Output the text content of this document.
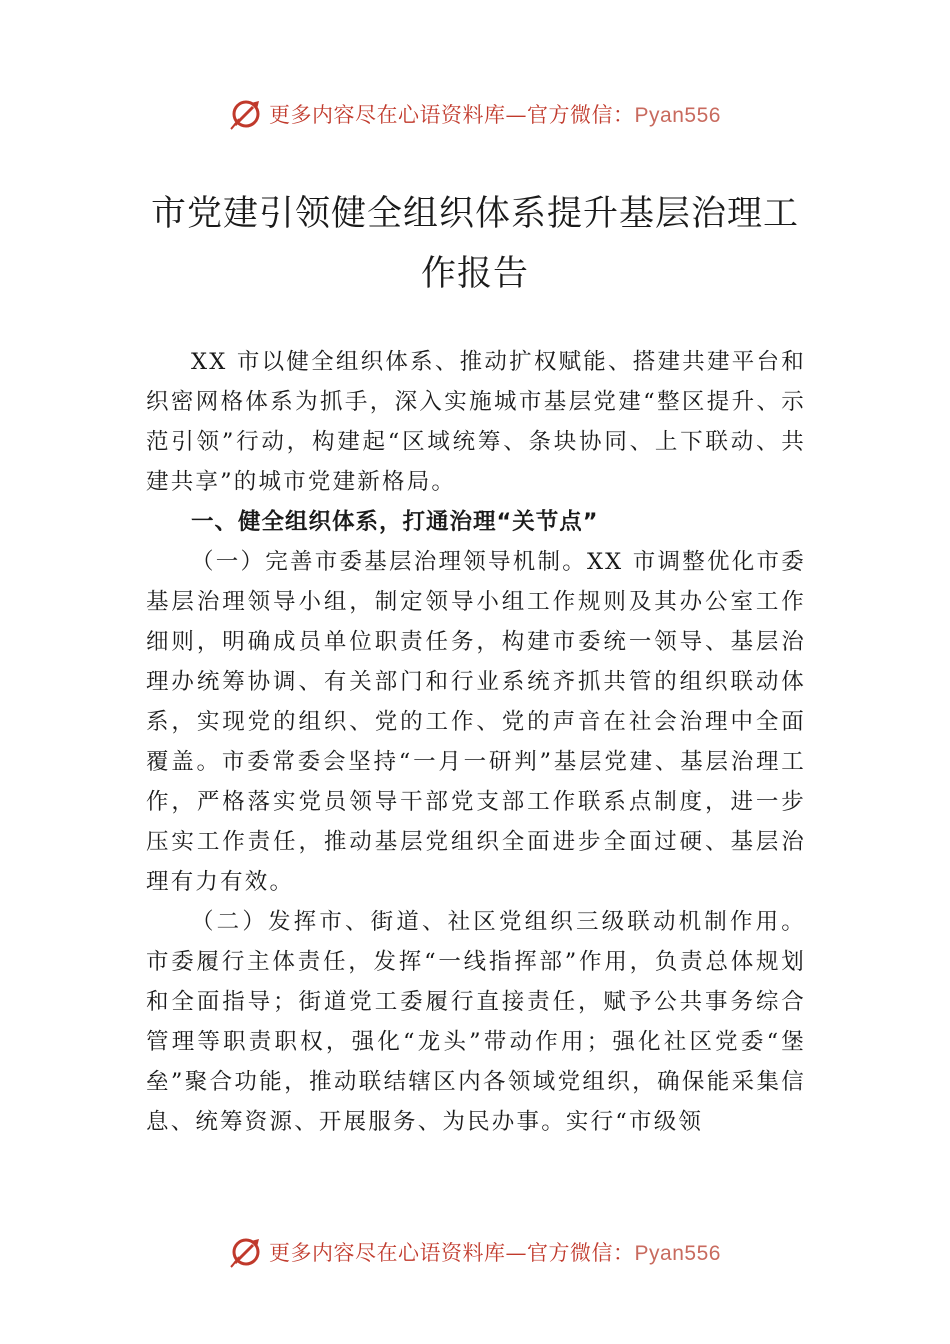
更多内容尽在心语资料库—官方微信：Pyan556
市党建引领健全组织体系提升基层治理工
作报告

XX 市以健全组织体系、推动扩权赋能、搭建共建平台和织密网格体系为抓手，深入实施城市基层党建“整区提升、示范引领”行动，构建起“区域统筹、条块协同、上下联动、共建共享”的城市党建新格局。

一、健全组织体系，打通治理“关节点”

（一）完善市委基层治理领导机制。XX 市调整优化市委基层治理领导小组，制定领导小组工作规则及其办公室工作细则，明确成员单位职责任务，构建市委统一领导、基层治理办统筹协调、有关部门和行业系统齐抓共管的组织联动体系，实现党的组织、党的工作、党的声音在社会治理中全面覆盖。市委常委会坚持“一月一研判”基层党建、基层治理工作，严格落实党员领导干部党支部工作联系点制度，进一步压实工作责任，推动基层党组织全面进步全面过硬、基层治理有力有效。

（二）发挥市、街道、社区党组织三级联动机制作用。市委履行主体责任，发挥“一线指挥部”作用，负责总体规划和全面指导；街道党工委履行直接责任，赋予公共事务综合管理等职责职权，强化“龙头”带动作用；强化社区党委“堡垒”聚合功能，推动联结辖区内各领域党组织，确保能采集信息、统筹资源、开展服务、为民办事。实行“市级领

更多内容尽在心语资料库—官方微信：Pyan556
